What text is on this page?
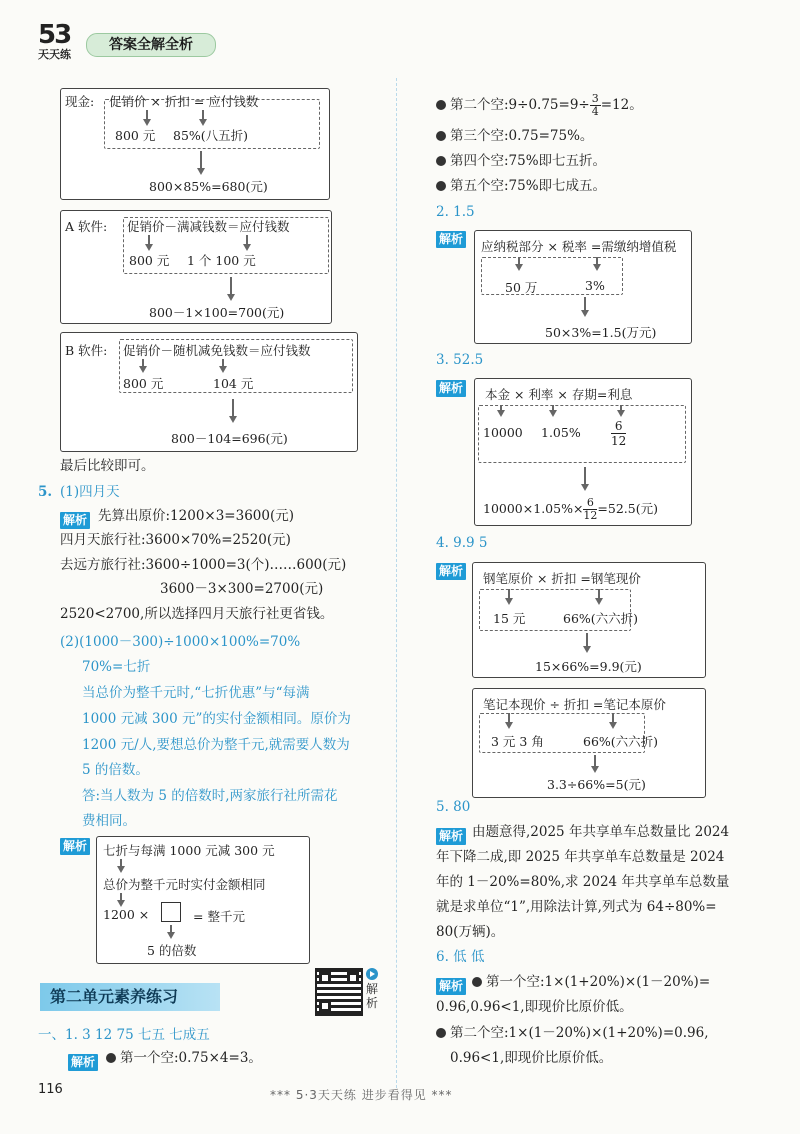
53
天天练
答案全解全析
现金: 促销价 × 折扣 = 应付钱数
800 元 85%(八五折)
800×85%=680(元)
A 软件: 促销价－满减钱数＝应付钱数
800 元 1 个 100 元
800－1×100=700(元)
B 软件: 促销价－随机减免钱数＝应付钱数
800 元	104 元
800－104=696(元)
最后比较即可。
5. (1)四月天
解析 先算出原价:1200×3=3600(元)
四月天旅行社:3600×70%=2520(元)
去远方旅行社:3600÷1000=3(个)……600(元)
3600－3×300=2700(元)
2520<2700,所以选择四月天旅行社更省钱。
(2)(1000－300)÷1000×100%=70%
70%=七折
当总价为整千元时,“七折优惠”与“每满
1000 元减 300 元”的实付金额相同。原价为
1200 元/人,要想总价为整千元,就需要人数为
5 的倍数。
答:当人数为 5 的倍数时,两家旅行社所需花
费相同。
解析 七折与每满 1000 元减 300 元
总价为整千元时实付金额相同
1200 ×	= 整千元
5 的倍数
第二单元素养练习	解析
一、1. 3 12 75 七五 七成五
解析	第一个空:0.75×4=3。
第二个空:9÷0.75=9÷ $\frac{3}{4} =12$。
第三个空:0.75=75%。
第四个空:75%即七五折。
第五个空:75%即七成五。
2. 1.5
解析 应纳税部分 × 税率 =需缴纳增值税
50 万	3%
50×3%=1.5(万元)
3. 52.5
解析 本金 × 利率 × 存期=利息
10000 1.05%	$\frac{6}{12}$
$10000\times 1.05\%\times \frac{6}{12} =52.5$(元)
4. 9.9 5
解析 钢笔原价 × 折扣 =钢笔现价
15 元	66%(六六折)
15×66%=9.9(元)
笔记本现价 ÷ 折扣 =笔记本原价
3 元 3 角	66%(六六折)
3.3÷66%=5(元)
5. 80
解析 由题意得,2025 年共享单车总数量比 2024
年下降二成,即 2025 年共享单车总数量是 2024
年的 1－20%=80%,求 2024 年共享单车总数量
就是求单位“1”,用除法计算,列式为 64÷80%=
80(万辆)。
6. 低 低
解析	第一个空:1×(1+20%)×(1－20%)=
0.96,0.96<1,即现价比原价低。
第二个空:1×(1－20%)×(1+20%)=0.96,
0.96<1,即现价比原价低。
116	*** 5·3天天练 进步看得见 ***
